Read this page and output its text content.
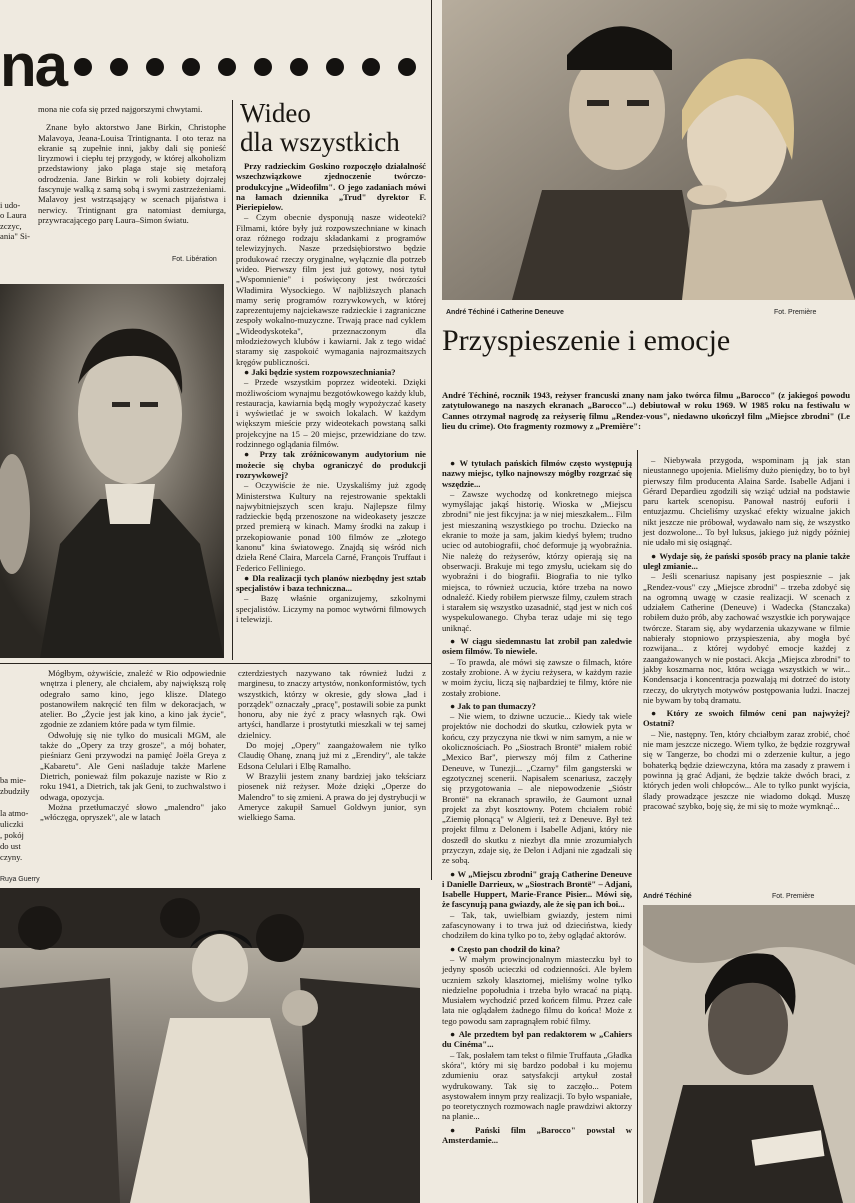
na

mona nie cofa się przed najgorszymi chwytami.

Znane było aktorstwo Jane Birkin, Christophe Malavoya, Jeana-Louisa Trintignanta. I oto teraz na ekranie są zupełnie inni, jakby dali się ponieść liryzmowi i ciepłu tej przygody, w której alkoholizm przedstawiony jako plaga staje się metaforą odrodzenia. Jane Birkin w roli kobiety dojrzałej fascynuje walką z samą sobą i swymi zastrzeżeniami. Malavoy jest wstrząsający w scenach pijaństwa i nerwicy. Trintignant gra natomiast demiurga, przywracającego parę Laura–Simon światu.

i udo-
o Laura
zczyc,
ania" Si-
Fot. Libération
Wideo
dla wszystkich

Przy radzieckim Goskino rozpoczęło działalność wszechzwiązkowe zjednoczenie twórczo-produkcyjne „Wideofilm". O jego zadaniach mówi na łamach dziennika „Trud" dyrektor F. Pieriepiełow.

– Czym obecnie dysponują nasze wideoteki? Filmami, które były już rozpowszechniane w kinach oraz różnego rodzaju składankami z programów telewizyjnych. Nasze przedsiębiorstwo będzie produkować rzeczy oryginalne, wyłącznie dla potrzeb wideo. Pierwszy film jest już gotowy, nosi tytuł „Wspomnienie" i poświęcony jest twórczości Władimira Wysockiego. W najbliższych planach mamy serię programów rozrywkowych, w której zaprezentujemy najciekawsze radzieckie i zagraniczne zespoły wokalno-muzyczne. Trwają prace nad cyklem „Wideodyskoteka", przeznaczonym dla młodzieżowych klubów i kawiarni. Jak z tego widać staramy się zaspokoić wymagania najrozmaitszych kręgów publiczności.

● Jaki będzie system rozpowszechniania?

– Przede wszystkim poprzez wideoteki. Dzięki możliwościom wynajmu bezgotówkowego każdy klub, restauracja, kawiarnia będą mogły wypożyczać kasety i wyświetlać je w swoich lokalach. W każdym większym mieście przy wideotekach powstaną salki projekcyjne na 15 – 20 miejsc, przewidziane do tzw. rodzinnego oglądania filmów.

● Przy tak zróżnicowanym audytorium nie możecie się chyba ograniczyć do produkcji rozrywkowej?

– Oczywiście że nie. Uzyskaliśmy już zgodę Ministerstwa Kultury na rejestrowanie spektakli najwybitniejszych scen kraju. Najlepsze filmy radzieckie będą przenoszone na wideokasety jeszcze przed premierą w kinach. Mamy środki na zakup i przekopiowanie ponad 100 filmów ze „złotego kanonu" kina światowego. Znajdą się wśród nich dzieła René Claira, Marcela Carné, François Truffaut i Federico Felliniego.

● Dla realizacji tych planów niezbędny jest sztab specjalistów i baza techniczna...

– Bazę właśnie organizujemy, szkolnymi specjalistów. Liczymy na pomoc wytwórni filmowych i telewizji.

ba mie-
zbudziły
la atmo-
uliczki
, pokój
do ust
czyny.

Mógłbym, ożywiście, znaleźć w Rio odpowiednie wnętrza i plenery, ale chciałem, aby największą rolę odegrało samo kino, jego klisze. Dlatego postanowiłem nakręcić ten film w dekoracjach, w atelier. Bo „Życie jest jak kino, a kino jak życie", zgodnie ze zdaniem które pada w tym filmie.

Odwołuję się nie tylko do musicali MGM, ale także do „Opery za trzy grosze", a mój bohater, pieśniarz Geni przywodzi na pamięć Joëla Greya z „Kabaretu". Ale Geni naśladuje także Marlene Dietrich, ponieważ film pokazuje naziste w Rio z roku 1941, a Dietrich, tak jak Geni, to zuchwalstwo i odwaga, opozycja.

Można przetłumaczyć słowo „malendro" jako „włóczęga, opryszek", ale w latach

czterdziestych nazywano tak również ludzi z marginesu, to znaczy artystów, nonkonformistów, tych wszystkich, którzy w okresie, gdy słowa „ład i porządek" oznaczały „pracę", postawili sobie za punkt honoru, aby nie żyć z pracy własnych rąk. Owi artyści, handlarze i prostytutki mieszkali w tej samej dzielnicy.

Do mojej „Opery" zaangażowałem nie tylko Claudię Ohanę, znaną już mi z „Erendiry", ale także Edsona Celulari i Elbę Ramalho.

W Brazylii jestem znany bardziej jako tekściarz piosenek niż reżyser. Może dzięki „Operze do Malendro" to się zmieni. A prawa do jej dystrybucji w Ameryce zakupił Samuel Goldwyn junior, syn wielkiego Sama.

Ruya Guerry
André Téchiné i Catherine Deneuve	Fot. Première
Przyspieszenie i emocje

André Téchiné, rocznik 1943, reżyser francuski znany nam jako twórca filmu „Barocco" (z jakiegoś powodu zatytułowanego na naszych ekranach „Barocco"...) debiutował w roku 1969. W 1985 roku na festiwalu w Cannes otrzymał nagrodę za reżyserię filmu „Rendez-vous", niedawno ukończył film „Miejsce zbrodni" (Le lieu du crime). Oto fragmenty rozmowy z „Première":

● W tytułach pańskich filmów często występują nazwy miejsc, tylko najnowszy mógłby rozgrzać się wszędzie...

– Zawsze wychodzę od konkretnego miejsca wymyślając jakąś historię. Wioska w „Miejscu zbrodni" nie jest fikcyjna: ja w niej mieszkałem... Film jest mieszaniną wszystkiego po trochu. Dziecko na ekranie to może ja sam, jakim kiedyś byłem; trudno uciec od autobiografii, choć deformuje ją wyobraźnia. Nie należę do reżyserów, którzy opierają się na obserwacji. Brakuje mi tego zmysłu, uciekam się do wyobraźni i do biografii. Biografia to nie tylko miejsca, to również uczucia, które trzeba na nowo odnaleźć. Kiedy robiłem pierwsze filmy, czułem strach i starałem się wszystko uzasadnić, stąd jest w nich coś wyspekulowanego. Chyba teraz udaje mi się tego uniknąć.

● W ciągu siedemnastu lat zrobił pan zaledwie osiem filmów. To niewiele.

– To prawda, ale mówi się zawsze o filmach, które zostały zrobione. A w życiu reżysera, w każdym razie w moim życiu, liczą się najbardziej te filmy, które nie zostały zrobione.

● Jak to pan tłumaczy?

– Nie wiem, to dziwne uczucie... Kiedy tak wiele projektów nie dochodzi do skutku, człowiek pyta w końcu, czy przyczyna nie tkwi w nim samym, a nie w okolicznościach. Po „Siostrach Brontë" miałem robić „Mexico Bar", pierwszy mój film z Catherine Deneuve, w Tunezji... „Czarny" film gangsterski w egzotycznej scenerii. Napisałem scenariusz, zaczęły się przygotowania – ale niepowodzenie „Sióstr Brontë" na ekranach sprawiło, że Gaumont uznał projekt za zbyt kosztowny. Potem chciałem robić „Ziemię płonącą" w Algierii, też z Deneuve. Był też projekt filmu z Delonem i Isabelle Adjani, który nie doszedł do skutku z niezbyt dla mnie zrozumiałych przyczyn, zdaje się, że Delon i Adjani nie zgadzali się ze sobą.

● W „Miejscu zbrodni" grają Catherine Deneuve i Danielle Darrieux, w „Siostrach Brontë" – Adjani, Isabelle Huppert, Marie-France Pisier... Mówi się, że fascynują pana gwiazdy, ale że się pan ich boi...

– Tak, tak, uwielbiam gwiazdy, jestem nimi zafascynowany i to trwa już od dzieciństwa, kiedy chodziłem do kina tylko po to, żeby oglądać aktorów.

● Często pan chodził do kina?

– W małym prowincjonalnym miasteczku był to jedyny sposób ucieczki od codzienności. Ale byłem uczniem szkoły klasztornej, mieliśmy wolne tylko niedzielne popołudnia i trzeba było wracać na piątą. Musiałem wychodzić przed końcem filmu. Przez całe lata nie oglądałem żadnego filmu do końca! Może z tego powodu sam zapragnąłem robić filmy.

● Ale przedtem był pan redaktorem w „Cahiers du Cinéma"...

– Tak, posłałem tam tekst o filmie Truffauta „Gładka skóra", który mi się bardzo podobał i ku mojemu zdumieniu oraz satysfakcji artykuł został wydrukowany. Tak się to zaczęło... Potem asystowałem innym przy realizacji. To było wspaniałe, po teoretycznych rozmowach nagle prawdziwi aktorzy na planie...

● Pański film „Barocco" powstał w Amsterdamie...

– Niebywała przygoda, wspominam ją jak stan nieustannego upojenia. Mieliśmy dużo pieniędzy, bo to był pierwszy film producenta Alaina Sarde. Isabelle Adjani i Gérard Depardieu zgodzili się wziąć udział na podstawie paru kartek scenopisu. Panował nastrój euforii i entuzjazmu. Chcieliśmy uzyskać efekty wizualne jakich nikt jeszcze nie próbował, wydawało nam się, że wszystko jest dozwolone... To był luksus, jakiego już nigdy później nie udało mi się osiągnąć.

● Wydaje się, że pański sposób pracy na planie także uległ zmianie...

– Jeśli scenariusz napisany jest pospiesznie – jak „Rendez-vous" czy „Miejsce zbrodni" – trzeba zdobyć się na ogromną uwagę w czasie realizacji. W scenach z udziałem Catherine (Deneuve) i Wadecka (Stanczaka) robiłem dużo prób, aby zachować wszystkie ich porywające twórcze. Staram się, aby wydarzenia ukazywane w filmie nabierały stopniowo przyspieszenia, aby mogła być rozwijana... z której wydobyć emocje każdej z zaangażowanych w nie postaci. Akcja „Miejsca zbrodni" to jakby koszmarna noc, która wciąga wszystkich w wir... Kondensacja i koncentracja pozwalają mi dotrzeć do istoty rzeczy, do ukrytych motywów postępowania ludzi. Inaczej nie bywam by tobą dramatu.

● Który ze swoich filmów ceni pan najwyżej? Ostatni?

– Nie, następny. Ten, który chciałbym zaraz zrobić, choć nie mam jeszcze niczego. Wiem tylko, że będzie rozgrywał się w Tangerze, bo chodzi mi o zderzenie kultur, a jego bohaterką będzie dziewczyna, która ma zasady z prawem i powinna ją grać Adjani, że będzie także dwóch braci, z których jeden woli chłopców... Ale to tylko punkt wyjścia, ślady prowadzące jeszcze nie wiadomo dokąd. Muszę pracować szybko, boję się, że mi się to może wymknąć...

André Téchiné	Fot. Première
